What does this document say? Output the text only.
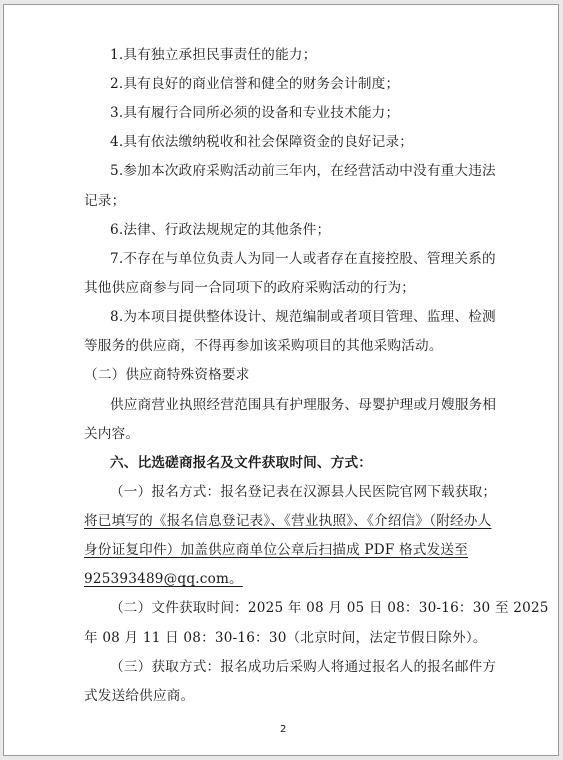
1.具有独立承担民事责任的能力；
2.具有良好的商业信誉和健全的财务会计制度；
3.具有履行合同所必须的设备和专业技术能力；
4.具有依法缴纳税收和社会保障资金的良好记录；
5.参加本次政府采购活动前三年内，在经营活动中没有重大违法
记录；
6.法律、行政法规规定的其他条件；
7.不存在与单位负责人为同一人或者存在直接控股、管理关系的
其他供应商参与同一合同项下的政府采购活动的行为；
8.为本项目提供整体设计、规范编制或者项目管理、监理、检测
等服务的供应商，不得再参加该采购项目的其他采购活动。
（二）供应商特殊资格要求
供应商营业执照经营范围具有护理服务、母婴护理或月嫂服务相
关内容。
六、比选磋商报名及文件获取时间、方式：
（一）报名方式：报名登记表在汉源县人民医院官网下载获取；
将已填写的《报名信息登记表》、《营业执照》、《介绍信》（附经办人
身份证复印件）加盖供应商单位公章后扫描成 PDF 格式发送至
925393489@qq.com。
（二）文件获取时间：2025 年 08 月 05 日 08：30-16：30 至 2025
年 08 月 11 日 08：30-16：30（北京时间，法定节假日除外）。
（三）获取方式：报名成功后采购人将通过报名人的报名邮件方
式发送给供应商。
2
